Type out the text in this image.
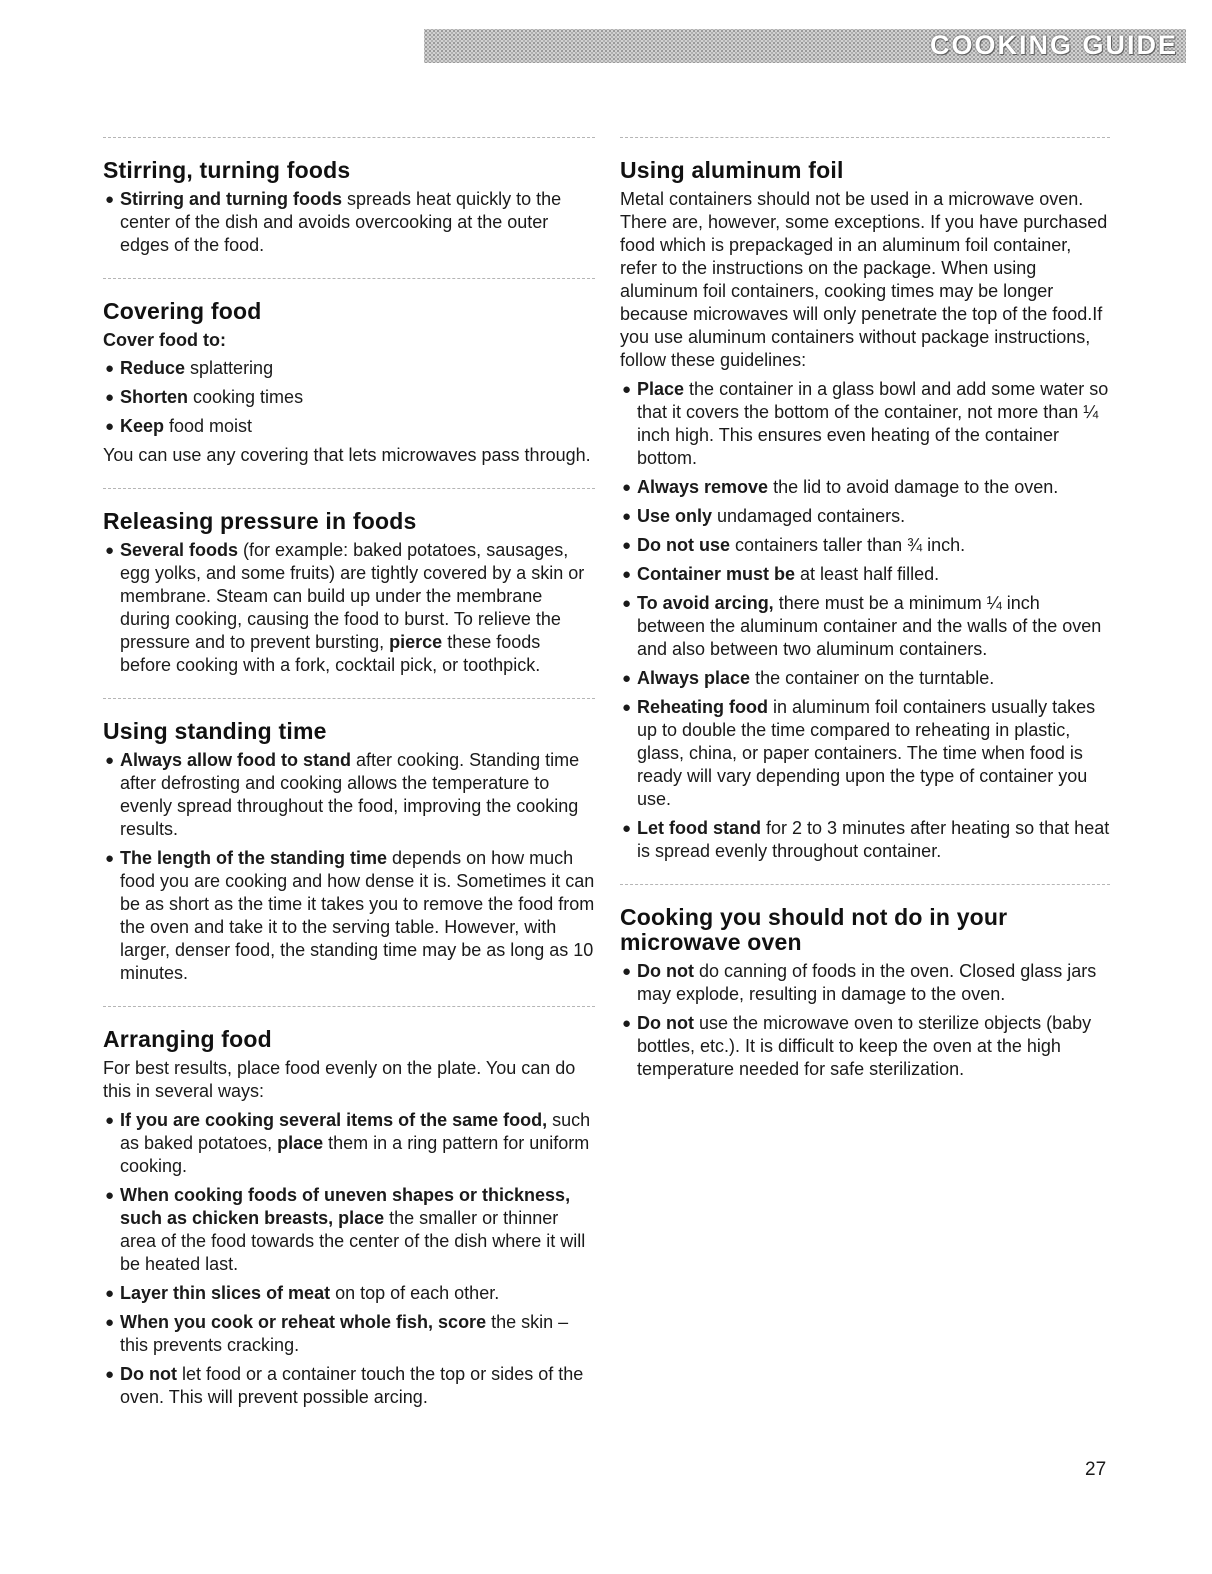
COOKING GUIDE
Stirring, turning foods
● Stirring and turning foods spreads heat quickly to the center of the dish and avoids overcooking at the outer edges of the food.
Covering food

Cover food to:

● Reduce splattering
● Shorten cooking times
● Keep food moist

You can use any covering that lets microwaves pass through.

Releasing pressure in foods
● Several foods (for example: baked potatoes, sausages, egg yolks, and some fruits) are tightly covered by a skin or membrane. Steam can build up under the membrane during cooking, causing the food to burst. To relieve the pressure and to prevent bursting, pierce these foods before cooking with a fork, cocktail pick, or toothpick.
Using standing time
● Always allow food to stand after cooking. Standing time after defrosting and cooking allows the temperature to evenly spread throughout the food, improving the cooking results.
● The length of the standing time depends on how much food you are cooking and how dense it is. Sometimes it can be as short as the time it takes you to remove the food from the oven and take it to the serving table. However, with larger, denser food, the standing time may be as long as 10 minutes.
Arranging food

For best results, place food evenly on the plate. You can do this in several ways:

● If you are cooking several items of the same food, such as baked potatoes, place them in a ring pattern for uniform cooking.
● When cooking foods of uneven shapes or thickness, such as chicken breasts, place the smaller or thinner area of the food towards the center of the dish where it will be heated last.
● Layer thin slices of meat on top of each other.
● When you cook or reheat whole fish, score the skin – this prevents cracking.
● Do not let food or a container touch the top or sides of the oven. This will prevent possible arcing.
Using aluminum foil

Metal containers should not be used in a microwave oven. There are, however, some exceptions. If you have purchased food which is prepackaged in an aluminum foil container, refer to the instructions on the package. When using aluminum foil containers, cooking times may be longer because microwaves will only penetrate the top of the food.If you use aluminum containers without package instructions, follow these guidelines:

● Place the container in a glass bowl and add some water so that it covers the bottom of the container, not more than ¼ inch high. This ensures even heating of the container bottom.
● Always remove the lid to avoid damage to the oven.
● Use only undamaged containers.
● Do not use containers taller than ¾ inch.
● Container must be at least half filled.
● To avoid arcing, there must be a minimum ¼ inch between the aluminum container and the walls of the oven and also between two aluminum containers.
● Always place the container on the turntable.
● Reheating food in aluminum foil containers usually takes up to double the time compared to reheating in plastic, glass, china, or paper containers. The time when food is ready will vary depending upon the type of container you use.
● Let food stand for 2 to 3 minutes after heating so that heat is spread evenly throughout container.
Cooking you should not do in your microwave oven
● Do not do canning of foods in the oven. Closed glass jars may explode, resulting in damage to the oven.
● Do not use the microwave oven to sterilize objects (baby bottles, etc.). It is difficult to keep the oven at the high temperature needed for safe sterilization.
27
